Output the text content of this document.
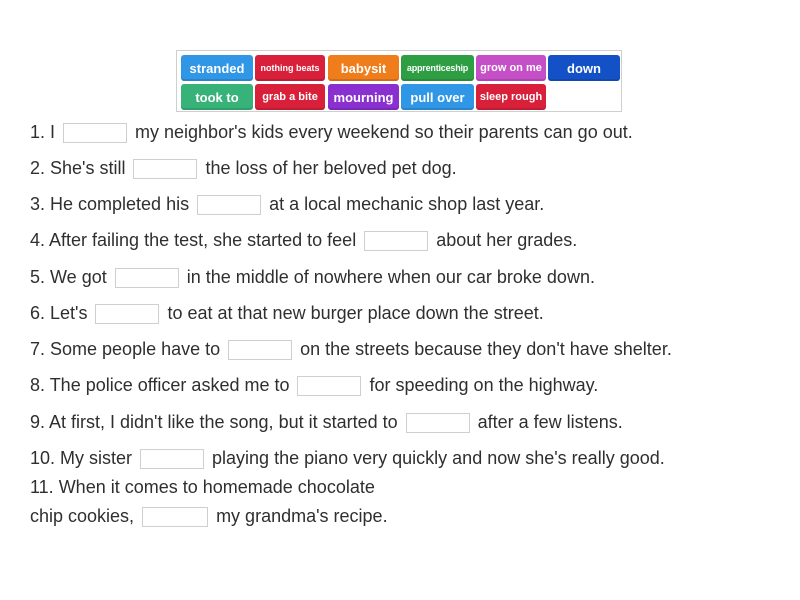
stranded	nothing beats	babysit	apprenticeship	grow on me	down
took to	grab a bite	mourning	pull over	sleep rough
1. I	my neighbor's kids every weekend so their parents can go out.
2. She's still	the loss of her beloved pet dog.
3. He completed his	at a local mechanic shop last year.
4. After failing the test, she started to feel	about her grades.
5. We got	in the middle of nowhere when our car broke down.
6. Let's	to eat at that new burger place down the street.
7. Some people have to	on the streets because they don't have shelter.
8. The police officer asked me to	for speeding on the highway.
9. At first, I didn't like the song, but it started to	after a few listens.
10. My sister	playing the piano very quickly and now she's really good.
11. When it comes to homemade chocolate
chip cookies,	my grandma's recipe.
